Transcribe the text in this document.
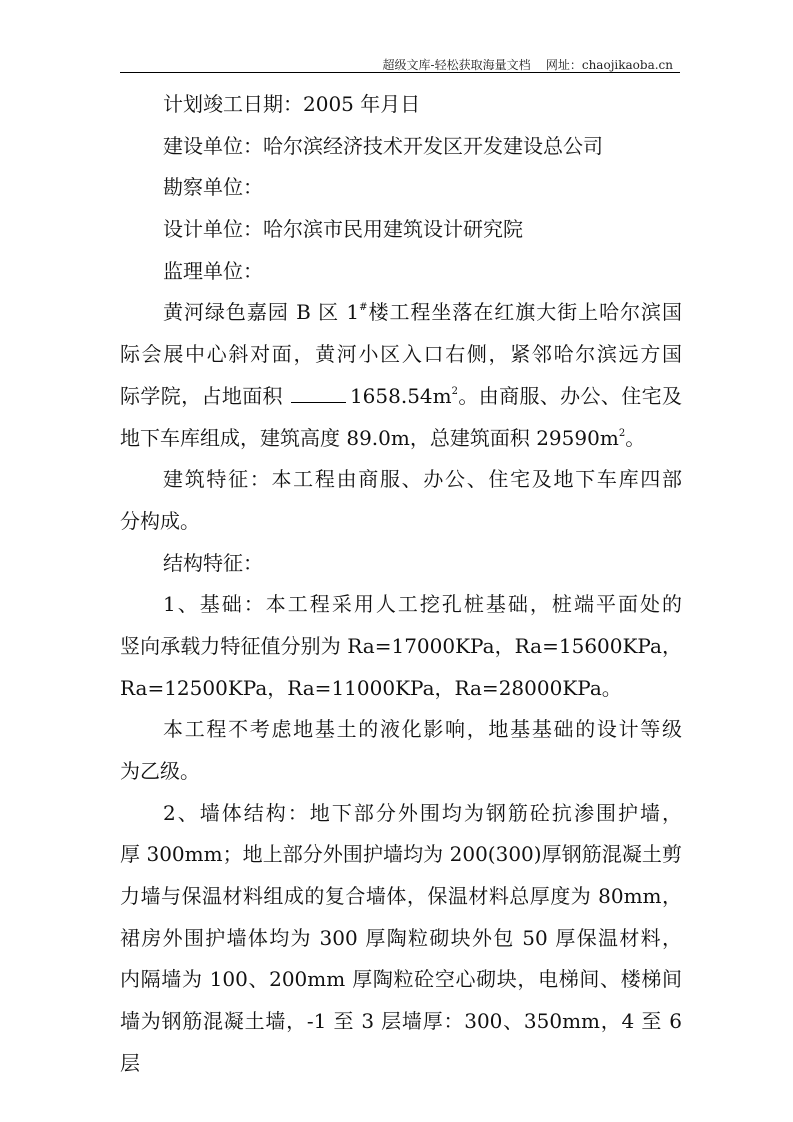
超级文库-轻松获取海量文档 网址：chaojikaoba.cn
计划竣工日期：2005 年月日
建设单位：哈尔滨经济技术开发区开发建设总公司
勘察单位：
设计单位：哈尔滨市民用建筑设计研究院
监理单位：
黄河绿色嘉园 B 区 1#楼工程坐落在红旗大街上哈尔滨国
际会展中心斜对面，黄河小区入口右侧，紧邻哈尔滨远方国
际学院，占地面积	$1658.54m^2$。由商服、办公、住宅及
地下车库组成，建筑高度 89.0m，总建筑面积 $29590m^2$。
建筑特征：本工程由商服、办公、住宅及地下车库四部
分构成。
结构特征：
1、基础：本工程采用人工挖孔桩基础，桩端平面处的
竖向承载力特征值分别为 Ra=17000KPa，Ra=15600KPa，
Ra=12500KPa，Ra=11000KPa，Ra=28000KPa。
本工程不考虑地基土的液化影响，地基基础的设计等级
为乙级。
2、墙体结构：地下部分外围均为钢筋砼抗渗围护墙，
厚 300mm；地上部分外围护墙均为 200(300)厚钢筋混凝土剪
力墙与保温材料组成的复合墙体，保温材料总厚度为 80mm，
裙房外围护墙体均为 300 厚陶粒砌块外包 50 厚保温材料，
内隔墙为 100、200mm 厚陶粒砼空心砌块，电梯间、楼梯间
墙为钢筋混凝土墙，-1 至 3 层墙厚：300、350mm，4 至 6 层
